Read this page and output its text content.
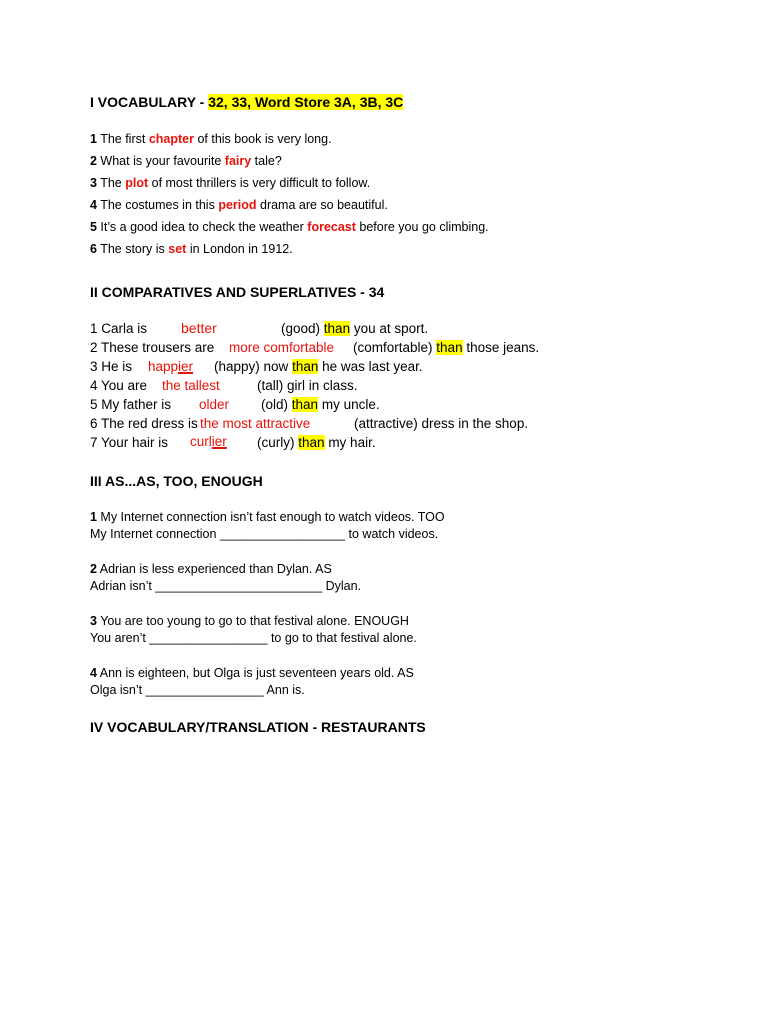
I VOCABULARY - 32, 33, Word Store 3A, 3B, 3C
1 The first chapter of this book is very long.
2 What is your favourite fairy tale?
3 The plot of most thrillers is very difficult to follow.
4 The costumes in this period drama are so beautiful.
5 It’s a good idea to check the weather forecast before you go climbing.
6 The story is set in London in 1912.
II COMPARATIVES AND SUPERLATIVES - 34
1 Carla is better	(good) than you at sport.
2 These trousers are more comfortable (comfortable) than those jeans.
3 He is happier (happy) now than he was last year.
4 You are the tallest	(tall) girl in class.
5 My father is older (old) than my uncle.
6 The red dress is the most attractive	(attractive) dress in the shop.
7 Your hair is curlier (curly) than my hair.
III AS...AS, TOO, ENOUGH
1 My Internet connection isn’t fast enough to watch videos. TOO
My Internet connection __________________ to watch videos.
2 Adrian is less experienced than Dylan. AS
Adrian isn’t ________________________ Dylan.
3 You are too young to go to that festival alone. ENOUGH
You aren’t _________________ to go to that festival alone.
4 Ann is eighteen, but Olga is just seventeen years old. AS
Olga isn’t _________________ Ann is.
IV VOCABULARY/TRANSLATION - RESTAURANTS
